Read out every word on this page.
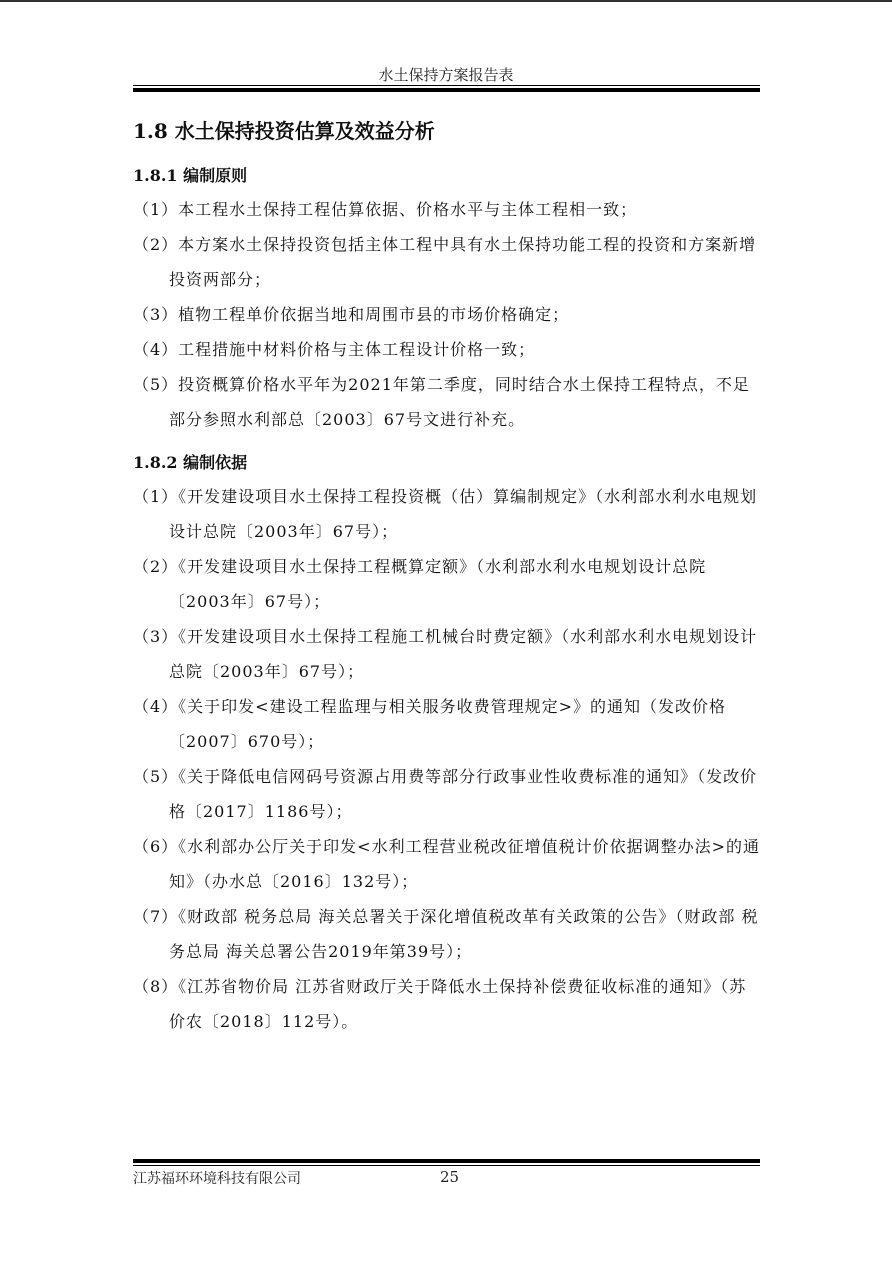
水土保持方案报告表
1.8 水土保持投资估算及效益分析
1.8.1 编制原则
（1）本工程水土保持工程估算依据、价格水平与主体工程相一致；
（2）本方案水土保持投资包括主体工程中具有水土保持功能工程的投资和方案新增投资两部分；
（3）植物工程单价依据当地和周围市县的市场价格确定；
（4）工程措施中材料价格与主体工程设计价格一致；
（5）投资概算价格水平年为2021年第二季度，同时结合水土保持工程特点，不足部分参照水利部总〔2003〕67号文进行补充。
1.8.2 编制依据
（1）《开发建设项目水土保持工程投资概（估）算编制规定》（水利部水利水电规划设计总院〔2003年〕67号）；
（2）《开发建设项目水土保持工程概算定额》（水利部水利水电规划设计总院〔2003年〕67号）；
（3）《开发建设项目水土保持工程施工机械台时费定额》（水利部水利水电规划设计总院〔2003年〕67号）；
（4）《关于印发<建设工程监理与相关服务收费管理规定>》的通知（发改价格〔2007〕670号）；
（5）《关于降低电信网码号资源占用费等部分行政事业性收费标准的通知》（发改价格〔2017〕1186号）；
（6）《水利部办公厅关于印发<水利工程营业税改征增值税计价依据调整办法>的通知》（办水总〔2016〕132号）；
（7）《财政部 税务总局 海关总署关于深化增值税改革有关政策的公告》（财政部 税务总局 海关总署公告2019年第39号）；
（8）《江苏省物价局 江苏省财政厅关于降低水土保持补偿费征收标准的通知》（苏价农〔2018〕112号）。
江苏福环环境科技有限公司	25
